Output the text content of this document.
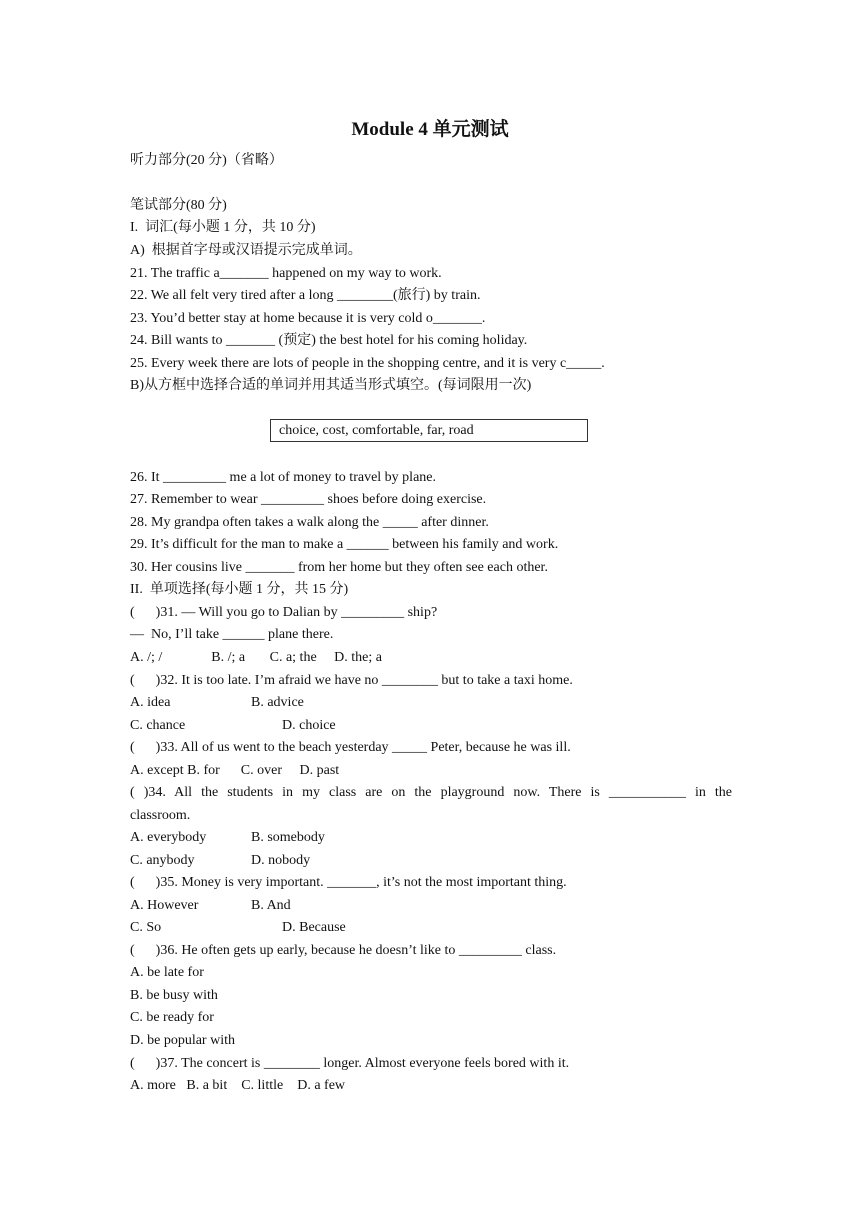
Module 4 单元测试

听力部分(20 分)（省略）

笔试部分(80 分)

I.  词汇(每小题 1 分，共 10 分)

A)  根据首字母或汉语提示完成单词。

21. The traffic a_______ happened on my way to work.

22. We all felt very tired after a long ________(旅行) by train.

23. You’d better stay at home because it is very cold o_______.

24. Bill wants to _______ (预定) the best hotel for his coming holiday.

25. Every week there are lots of people in the shopping centre, and it is very c_____.

B)从方框中选择合适的单词并用其适当形式填空。(每词限用一次)

choice, cost, comfortable, far, road

26. It _________ me a lot of money to travel by plane.

27. Remember to wear _________ shoes before doing exercise.

28. My grandpa often takes a walk along the _____ after dinner.

29. It’s difficult for the man to make a ______ between his family and work.

30. Her cousins live _______ from her home but they often see each other.

II.  单项选择(每小题 1 分，共 15 分)

(      )31. — Will you go to Dalian by _________ ship?

—  No, I’ll take ______ plane there.

A. /; /              B. /; a       C. a; the     D. the; a

(      )32. It is too late. I’m afraid we have no ________ but to take a taxi home.

A. idea	B. advice
C. chance	D. choice

(      )33. All of us went to the beach yesterday _____ Peter, because he was ill.

A. except B. for      C. over     D. past

( )34. All the students in my class are on the playground now. There is ___________ in the

classroom.

A. everybody	B. somebody
C. anybody	D. nobody

(      )35. Money is very important. _______, it’s not the most important thing.

A. However	B. And
C. So	D. Because

(      )36. He often gets up early, because he doesn’t like to _________ class.

A. be late for

B. be busy with

C. be ready for

D. be popular with

(      )37. The concert is ________ longer. Almost everyone feels bored with it.

A. more   B. a bit    C. little    D. a few
